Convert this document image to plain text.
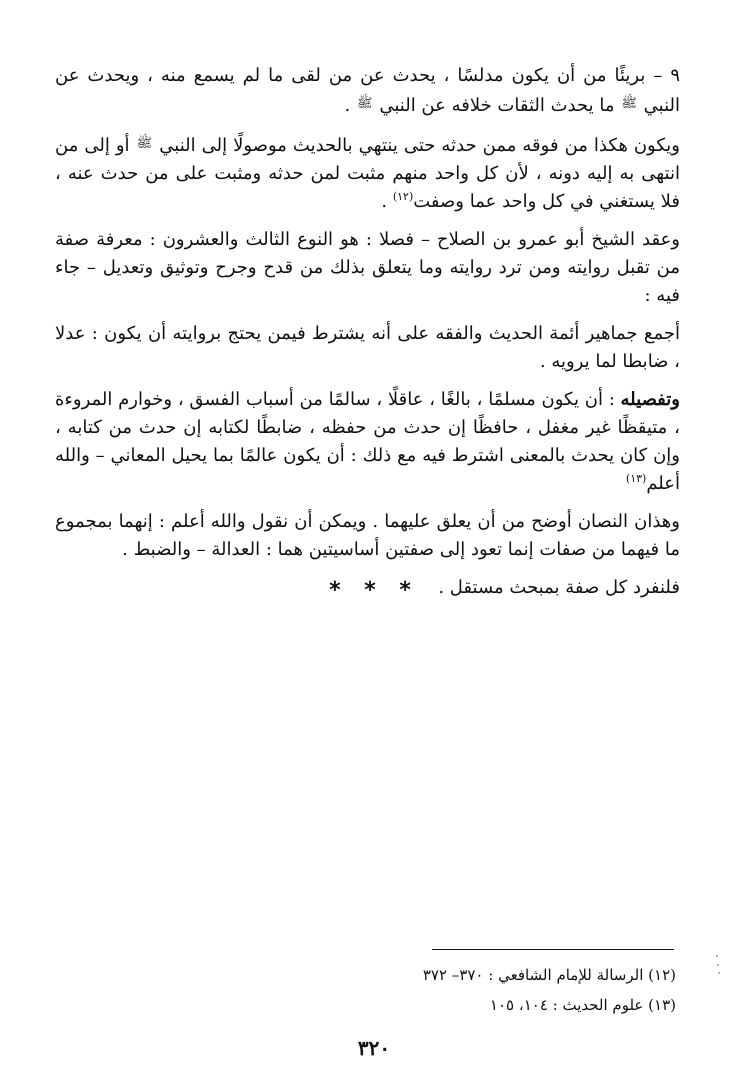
٩ – بريئًا من أن يكون مدلسًا ، يحدث عن من لقى ما لم يسمع منه ، ويحدث عن النبي $^ﷺ$ ما يحدث الثقات خلافه عن النبي $^ﷺ$ .

ويكون هكذا من فوقه ممن حدثه حتى ينتهي بالحديث موصولًا إلى النبي $^ﷺ$ أو إلى من انتهى به إليه دونه ، لأن كل واحد منهم مثبت لمن حدثه ومثبت على من حدث عنه ، فلا يستغني في كل واحد عما وصفت$^{(١٢)}$ .

وعقد الشيخ أبو عمرو بن الصلاح – فصلا : هو النوع الثالث والعشرون : معرفة صفة من تقبل روايته ومن ترد روايته وما يتعلق بذلك من قدح وجرح وتوثيق وتعديل – جاء فيه :

أجمع جماهير أئمة الحديث والفقه على أنه يشترط فيمن يحتج بروايته أن يكون : عدلا ، ضابطا لما يرويه .

وتفصيله : أن يكون مسلمًا ، بالغًا ، عاقلًا ، سالمًا من أسباب الفسق ، وخوارم المروءة ، متيقظًا غير مغفل ، حافظًا إن حدث من حفظه ، ضابطًا لكتابه إن حدث من كتابه ، وإن كان يحدث بالمعنى اشترط فيه مع ذلك : أن يكون عالمًا بما يحيل المعاني – والله أعلم$^{(١٣)}$

وهذان النصان أوضح من أن يعلق عليهما . ويمكن أن نقول والله أعلم : إنهما بمجموع ما فيهما من صفات إنما تعود إلى صفتين أساسيتين هما : العدالة – والضبط .

فلنفرد كل صفة بمبحث مستقل .

* * *
(١٢) الرسالة للإمام الشافعي : ٣٧٠– ٣٧٢
(١٣) علوم الحديث : ١٠٤، ١٠٥
٣٢٠
